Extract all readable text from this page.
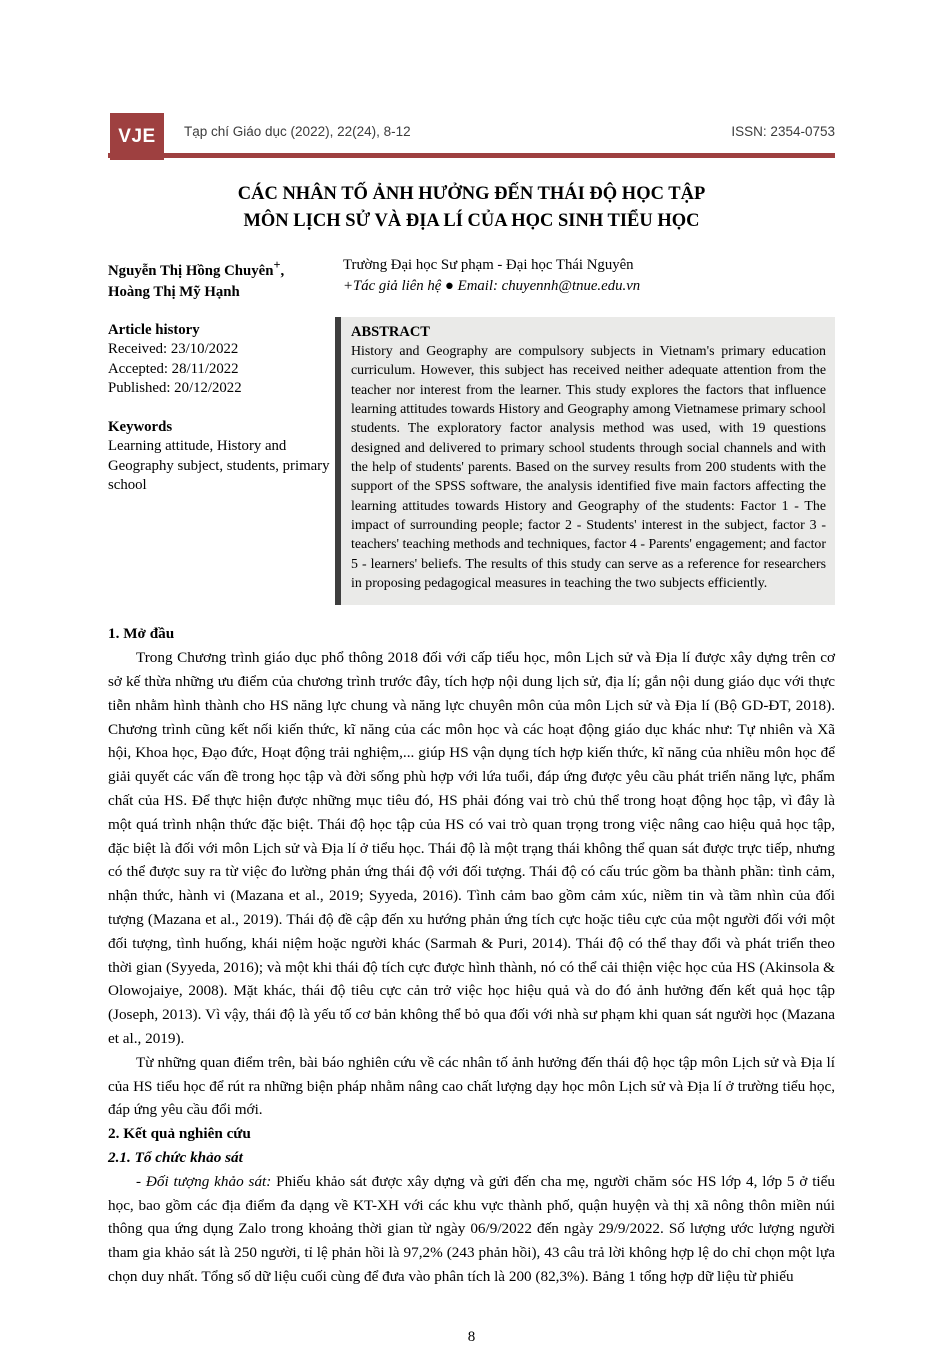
VJE	Tạp chí Giáo dục (2022), 22(24), 8-12	ISSN: 2354-0753
CÁC NHÂN TỐ ẢNH HƯỞNG ĐẾN THÁI ĐỘ HỌC TẬP
MÔN LỊCH SỬ VÀ ĐỊA LÍ CỦA HỌC SINH TIỂU HỌC
Nguyễn Thị Hồng Chuyên+,
Hoàng Thị Mỹ Hạnh
Trường Đại học Sư phạm - Đại học Thái Nguyên
+Tác giả liên hệ ● Email: chuyennh@tnue.edu.vn
Article history
Received: 23/10/2022
Accepted: 28/11/2022
Published: 20/12/2022
Keywords
Learning attitude, History and Geography subject, students, primary school
ABSTRACT
History and Geography are compulsory subjects in Vietnam's primary education curriculum. However, this subject has received neither adequate attention from the teacher nor interest from the learner. This study explores the factors that influence learning attitudes towards History and Geography among Vietnamese primary school students. The exploratory factor analysis method was used, with 19 questions designed and delivered to primary school students through social channels and with the help of students' parents. Based on the survey results from 200 students with the support of the SPSS software, the analysis identified five main factors affecting the learning attitudes towards History and Geography of the students: Factor 1 - The impact of surrounding people; factor 2 - Students' interest in the subject, factor 3 - teachers' teaching methods and techniques, factor 4 - Parents' engagement; and factor 5 - learners' beliefs. The results of this study can serve as a reference for researchers in proposing pedagogical measures in teaching the two subjects efficiently.
1. Mở đầu

Trong Chương trình giáo dục phổ thông 2018 đối với cấp tiểu học, môn Lịch sử và Địa lí được xây dựng trên cơ sở kế thừa những ưu điểm của chương trình trước đây, tích hợp nội dung lịch sử, địa lí; gắn nội dung giáo dục với thực tiễn nhằm hình thành cho HS năng lực chung và năng lực chuyên môn của môn Lịch sử và Địa lí (Bộ GD-ĐT, 2018). Chương trình cũng kết nối kiến thức, kĩ năng của các môn học và các hoạt động giáo dục khác như: Tự nhiên và Xã hội, Khoa học, Đạo đức, Hoạt động trải nghiệm,... giúp HS vận dụng tích hợp kiến thức, kĩ năng của nhiều môn học để giải quyết các vấn đề trong học tập và đời sống phù hợp với lứa tuổi, đáp ứng được yêu cầu phát triển năng lực, phẩm chất của HS. Để thực hiện được những mục tiêu đó, HS phải đóng vai trò chủ thể trong hoạt động học tập, vì đây là một quá trình nhận thức đặc biệt. Thái độ học tập của HS có vai trò quan trọng trong việc nâng cao hiệu quả học tập, đặc biệt là đối với môn Lịch sử và Địa lí ở tiểu học. Thái độ là một trạng thái không thể quan sát được trực tiếp, nhưng có thể được suy ra từ việc đo lường phản ứng thái độ với đối tượng. Thái độ có cấu trúc gồm ba thành phần: tình cảm, nhận thức, hành vi (Mazana et al., 2019; Syyeda, 2016). Tình cảm bao gồm cảm xúc, niềm tin và tầm nhìn của đối tượng (Mazana et al., 2019). Thái độ đề cập đến xu hướng phản ứng tích cực hoặc tiêu cực của một người đối với một đối tượng, tình huống, khái niệm hoặc người khác (Sarmah & Puri, 2014). Thái độ có thể thay đổi và phát triển theo thời gian (Syyeda, 2016); và một khi thái độ tích cực được hình thành, nó có thể cải thiện việc học của HS (Akinsola & Olowojaiye, 2008). Mặt khác, thái độ tiêu cực cản trở việc học hiệu quả và do đó ảnh hưởng đến kết quả học tập (Joseph, 2013). Vì vậy, thái độ là yếu tố cơ bản không thể bỏ qua đối với nhà sư phạm khi quan sát người học (Mazana et al., 2019).

Từ những quan điểm trên, bài báo nghiên cứu về các nhân tố ảnh hưởng đến thái độ học tập môn Lịch sử và Địa lí của HS tiểu học để rút ra những biện pháp nhằm nâng cao chất lượng dạy học môn Lịch sử và Địa lí ở trường tiểu học, đáp ứng yêu cầu đổi mới.

2. Kết quả nghiên cứu
2.1. Tổ chức khảo sát

- Đối tượng khảo sát: Phiếu khảo sát được xây dựng và gửi đến cha mẹ, người chăm sóc HS lớp 4, lớp 5 ở tiểu học, bao gồm các địa điểm đa dạng về KT-XH với các khu vực thành phố, quận huyện và thị xã nông thôn miền núi thông qua ứng dụng Zalo trong khoảng thời gian từ ngày 06/9/2022 đến ngày 29/9/2022. Số lượng ước lượng người tham gia khảo sát là 250 người, tỉ lệ phản hồi là 97,2% (243 phản hồi), 43 câu trả lời không hợp lệ do chỉ chọn một lựa chọn duy nhất. Tổng số dữ liệu cuối cùng để đưa vào phân tích là 200 (82,3%). Bảng 1 tổng hợp dữ liệu từ phiếu

8
